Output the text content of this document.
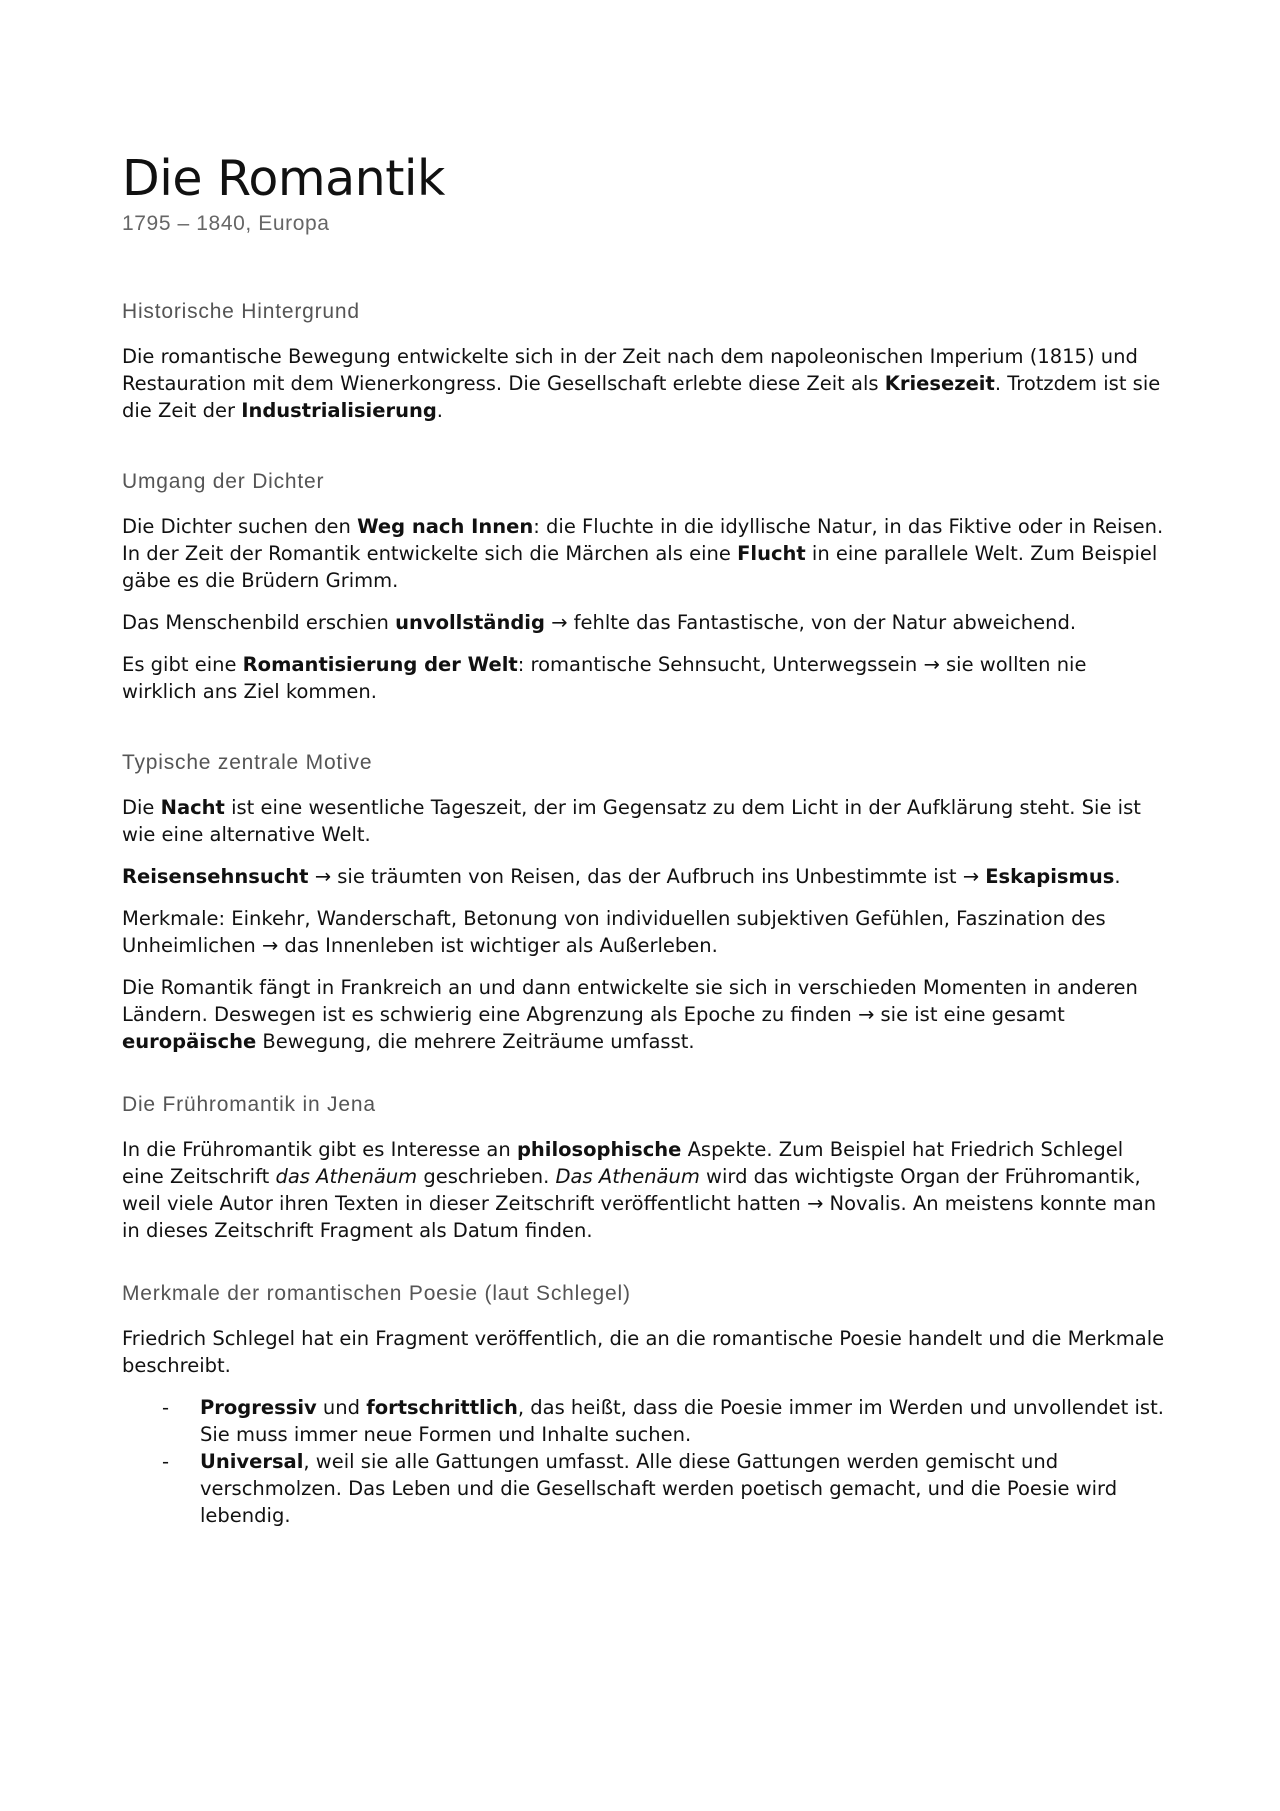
Die Romantik
1795 – 1840, Europa
Historische Hintergrund

Die romantische Bewegung entwickelte sich in der Zeit nach dem napoleonischen Imperium (1815) und Restauration mit dem Wienerkongress. Die Gesellschaft erlebte diese Zeit als Kriesezeit. Trotzdem ist sie die Zeit der Industrialisierung.

Umgang der Dichter

Die Dichter suchen den Weg nach Innen: die Fluchte in die idyllische Natur, in das Fiktive oder in Reisen. In der Zeit der Romantik entwickelte sich die Märchen als eine Flucht in eine parallele Welt. Zum Beispiel gäbe es die Brüdern Grimm.

Das Menschenbild erschien unvollständig → fehlte das Fantastische, von der Natur abweichend.

Es gibt eine Romantisierung der Welt: romantische Sehnsucht, Unterwegssein → sie wollten nie wirklich ans Ziel kommen.

Typische zentrale Motive

Die Nacht ist eine wesentliche Tageszeit, der im Gegensatz zu dem Licht in der Aufklärung steht. Sie ist wie eine alternative Welt.

Reisensehnsucht → sie träumten von Reisen, das der Aufbruch ins Unbestimmte ist → Eskapismus.

Merkmale: Einkehr, Wanderschaft, Betonung von individuellen subjektiven Gefühlen, Faszination des Unheimlichen → das Innenleben ist wichtiger als Außerleben.

Die Romantik fängt in Frankreich an und dann entwickelte sie sich in verschieden Momenten in anderen Ländern. Deswegen ist es schwierig eine Abgrenzung als Epoche zu finden → sie ist eine gesamt europäische Bewegung, die mehrere Zeiträume umfasst.

Die Frühromantik in Jena

In die Frühromantik gibt es Interesse an philosophische Aspekte. Zum Beispiel hat Friedrich Schlegel eine Zeitschrift das Athenäum geschrieben. Das Athenäum wird das wichtigste Organ der Frühromantik, weil viele Autor ihren Texten in dieser Zeitschrift veröffentlicht hatten → Novalis. An meistens konnte man in dieses Zeitschrift Fragment als Datum finden.

Merkmale der romantischen Poesie (laut Schlegel)

Friedrich Schlegel hat ein Fragment veröffentlich, die an die romantische Poesie handelt und die Merkmale beschreibt.

- Progressiv und fortschrittlich, das heißt, dass die Poesie immer im Werden und unvollendet ist. Sie muss immer neue Formen und Inhalte suchen.
- Universal, weil sie alle Gattungen umfasst. Alle diese Gattungen werden gemischt und verschmolzen. Das Leben und die Gesellschaft werden poetisch gemacht, und die Poesie wird lebendig.
